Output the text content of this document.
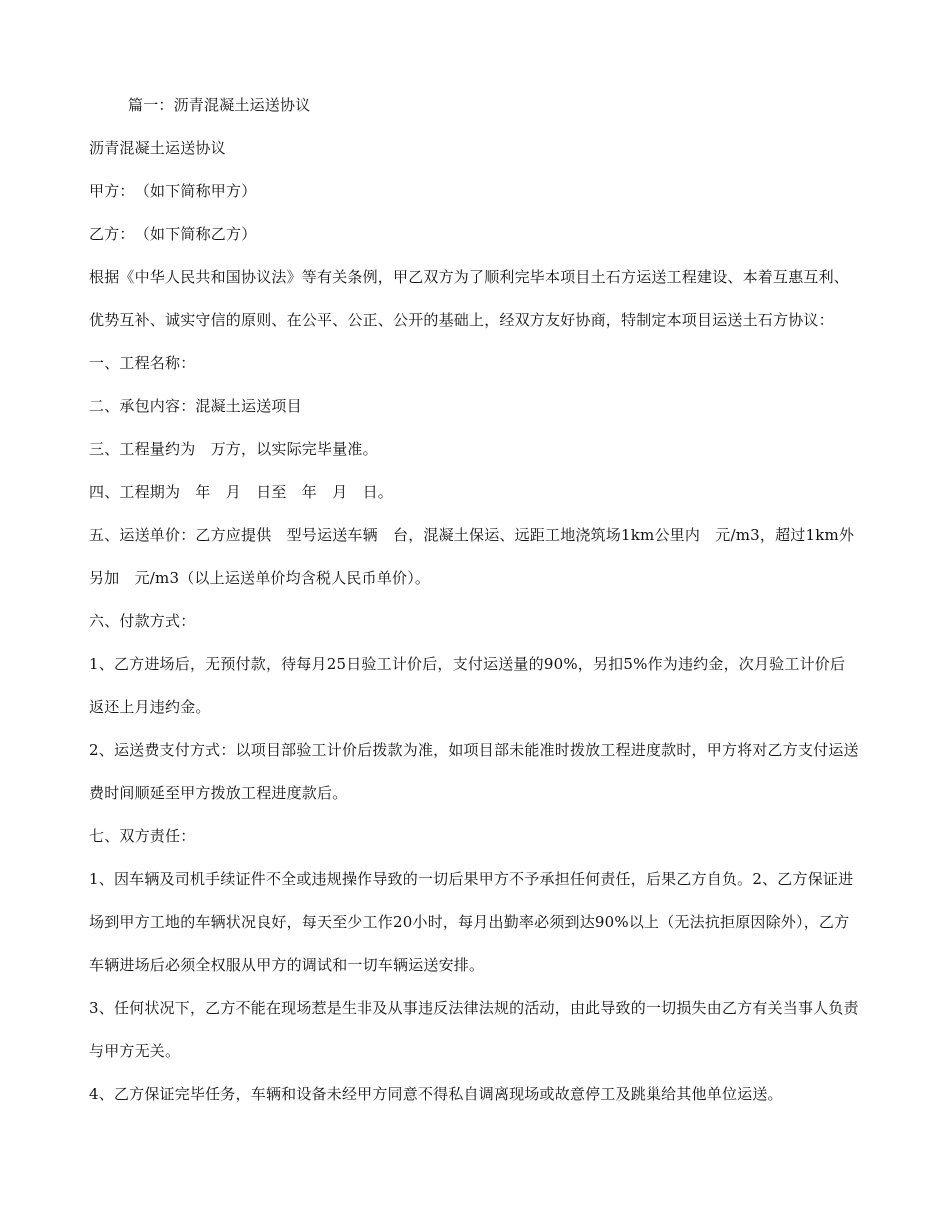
篇一：沥青混凝土运送协议

沥青混凝土运送协议

甲方：　（如下简称甲方）

乙方：　（如下简称乙方）

根据《中华人民共和国协议法》等有关条例，甲乙双方为了顺利完毕本项目土石方运送工程建设、本着互惠互利、优势互补、诚实守信的原则、在公平、公正、公开的基础上，经双方友好协商，特制定本项目运送土石方协议：

一、工程名称：

二、承包内容：混凝土运送项目

三、工程量约为　万方，以实际完毕量准。

四、工程期为　年　月　日至　年　月　日。

五、运送单价：乙方应提供　型号运送车辆　台，混凝土保运、远距工地浇筑场1km公里内　元/m3，超过1km外另加　元/m3（以上运送单价均含税人民币单价）。

六、付款方式：

1、乙方进场后，无预付款，待每月25日验工计价后，支付运送量的90%，另扣5%作为违约金，次月验工计价后返还上月违约金。

2、运送费支付方式：以项目部验工计价后拨款为准，如项目部未能准时拨放工程进度款时，甲方将对乙方支付运送费时间顺延至甲方拨放工程进度款后。

七、双方责任：

1、因车辆及司机手续证件不全或违规操作导致的一切后果甲方不予承担任何责任，后果乙方自负。2、乙方保证进场到甲方工地的车辆状况良好，每天至少工作20小时，每月出勤率必须到达90%以上（无法抗拒原因除外），乙方车辆进场后必须全权服从甲方的调试和一切车辆运送安排。

3、任何状况下，乙方不能在现场惹是生非及从事违反法律法规的活动，由此导致的一切损失由乙方有关当事人负责与甲方无关。

4、乙方保证完毕任务，车辆和设备未经甲方同意不得私自调离现场或故意停工及跳巢给其他单位运送。
